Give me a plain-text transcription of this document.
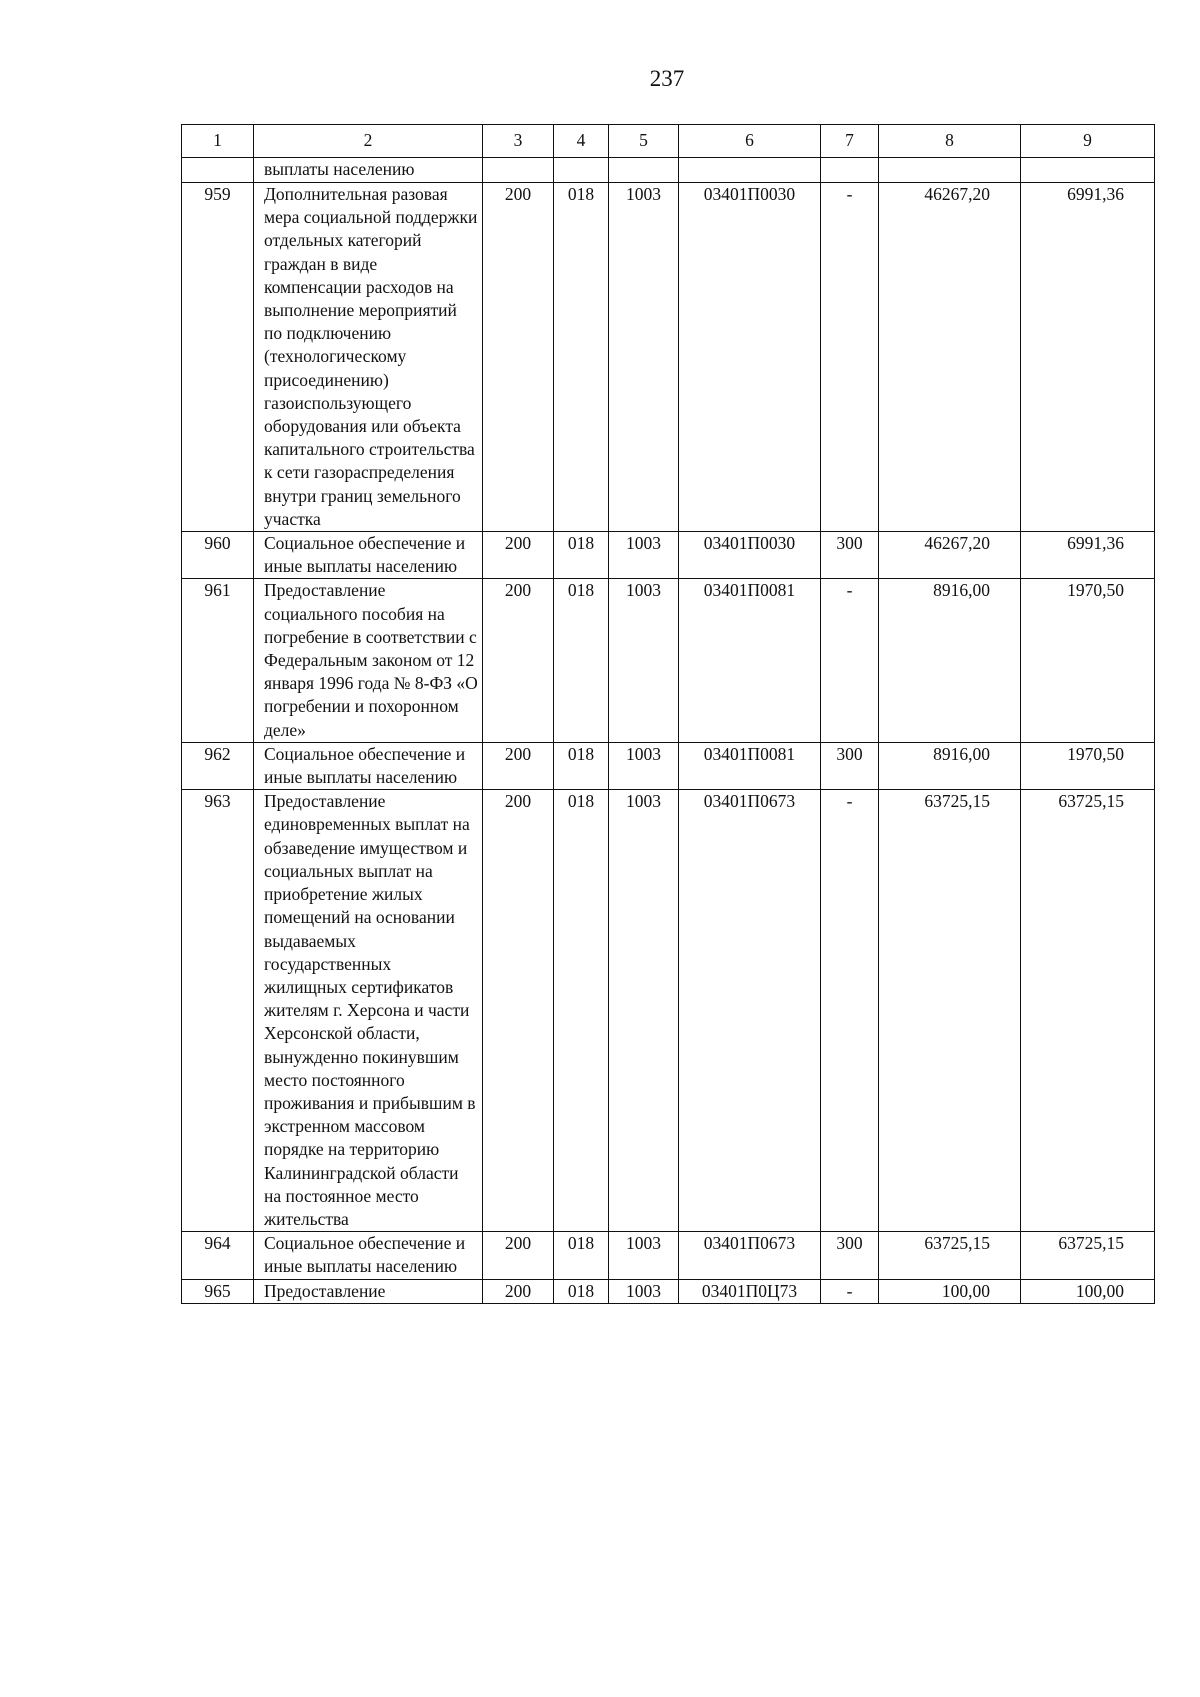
237
1	2	3	4	5	6	7	8	9
	выплаты населению							
959	Дополнительная разовая мера социальной поддержки отдельных категорий граждан в виде компенсации расходов на выполнение мероприятий по подключению (технологическому присоединению) газоиспользующего оборудования или объекта капитального строительства к сети газораспределения внутри границ земельного участка	200	018	1003	03401П0030	-	46267,20	6991,36
960	Социальное обеспечение и иные выплаты населению	200	018	1003	03401П0030	300	46267,20	6991,36
961	Предоставление социального пособия на погребение в соответствии с Федеральным законом от 12 января 1996 года № 8-ФЗ «О погребении и похоронном деле»	200	018	1003	03401П0081	-	8916,00	1970,50
962	Социальное обеспечение и иные выплаты населению	200	018	1003	03401П0081	300	8916,00	1970,50
963	Предоставление единовременных выплат на обзаведение имуществом и социальных выплат на приобретение жилых помещений на основании выдаваемых государственных жилищных сертификатов жителям г. Херсона и части Херсонской области, вынужденно покинувшим место постоянного проживания и прибывшим в экстренном массовом порядке на территорию Калининградской области на постоянное место жительства	200	018	1003	03401П0673	-	63725,15	63725,15
964	Социальное обеспечение и иные выплаты населению	200	018	1003	03401П0673	300	63725,15	63725,15
965	Предоставление	200	018	1003	03401П0Ц73	-	100,00	100,00
